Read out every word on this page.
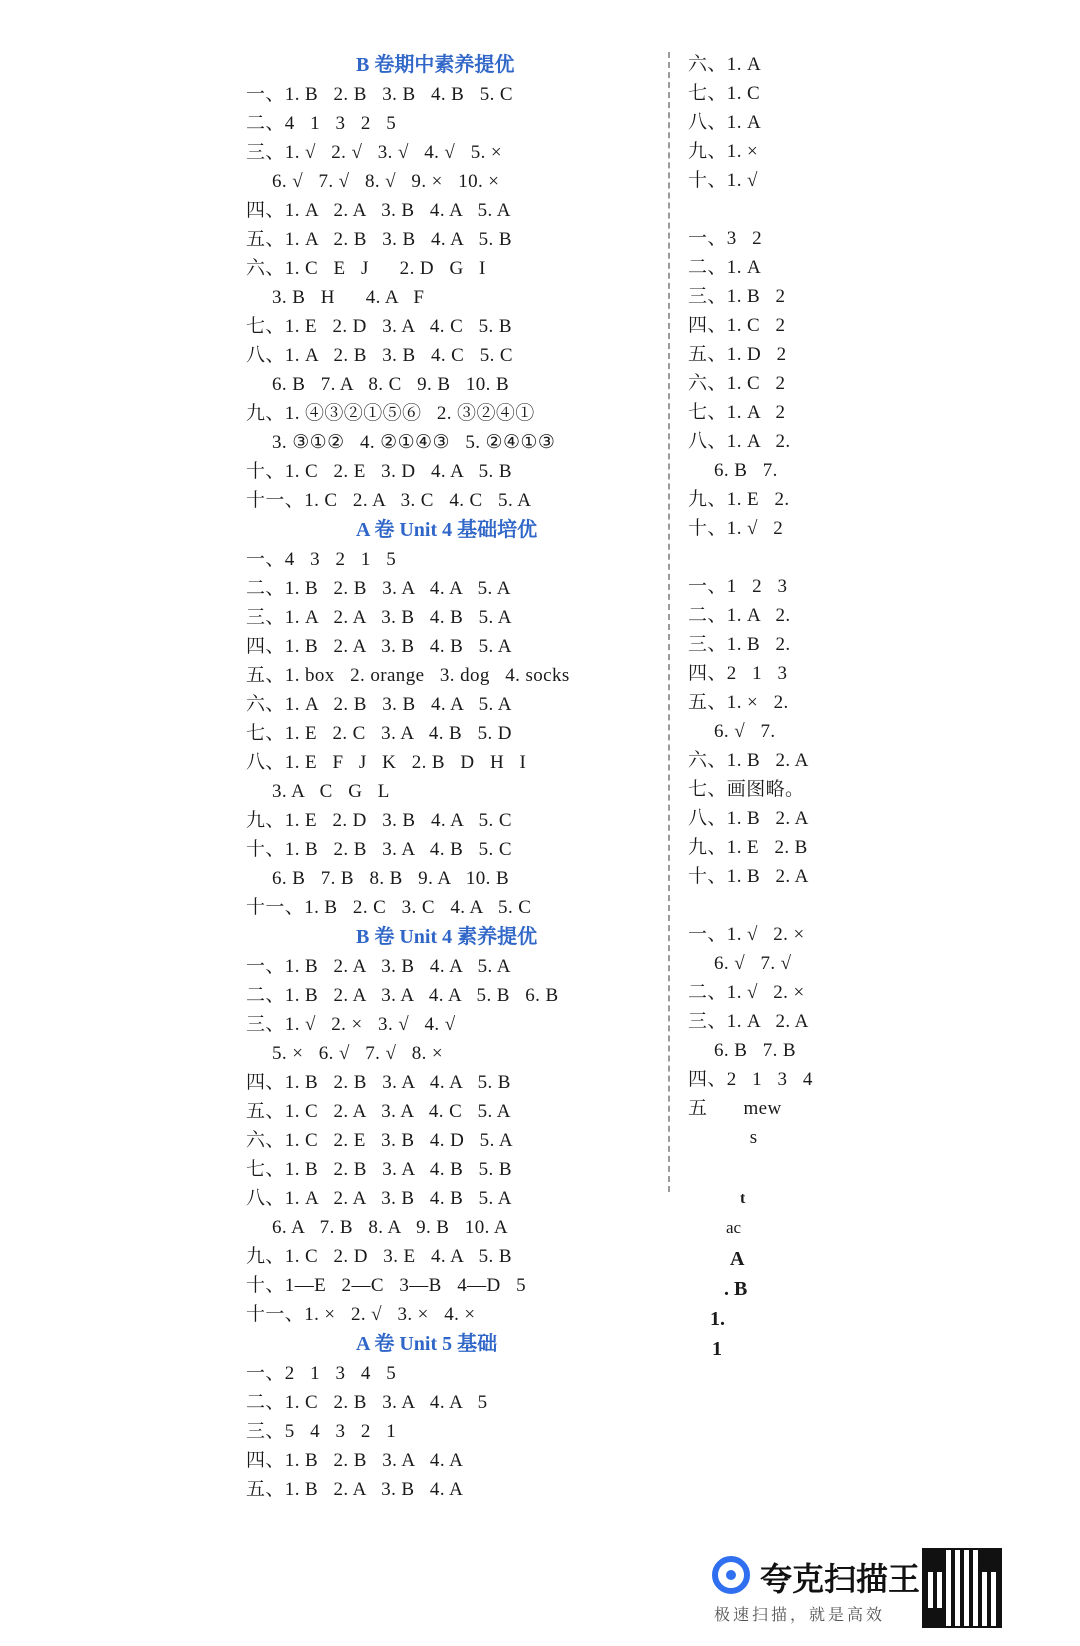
B 卷期中素养提优
一、1. B   2. B   3. B   4. B   5. C
二、4   1   3   2   5
三、1. √   2. √   3. √   4. √   5. ×
6. √   7. √   8. √   9. ×   10. ×
四、1. A   2. A   3. B   4. A   5. A
五、1. A   2. B   3. B   4. A   5. B
六、1. C   E   J      2. D   G   I
3. B   H      4. A   F
七、1. E   2. D   3. A   4. C   5. B
八、1. A   2. B   3. B   4. C   5. C
6. B   7. A   8. C   9. B   10. B
九、1. ④③②①⑤⑥   2. ③②④①
3. ③①②   4. ②①④③   5. ②④①③
十、1. C   2. E   3. D   4. A   5. B
十一、1. C   2. A   3. C   4. C   5. A
A 卷 Unit 4 基础培优
一、4   3   2   1   5
二、1. B   2. B   3. A   4. A   5. A
三、1. A   2. A   3. B   4. B   5. A
四、1. B   2. A   3. B   4. B   5. A
五、1. box   2. orange   3. dog   4. socks
六、1. A   2. B   3. B   4. A   5. A
七、1. E   2. C   3. A   4. B   5. D
八、1. E   F   J   K   2. B   D   H   I
3. A   C   G   L
九、1. E   2. D   3. B   4. A   5. C
十、1. B   2. B   3. A   4. B   5. C
6. B   7. B   8. B   9. A   10. B
十一、1. B   2. C   3. C   4. A   5. C
B 卷 Unit 4 素养提优
一、1. B   2. A   3. B   4. A   5. A
二、1. B   2. A   3. A   4. A   5. B   6. B
三、1. √   2. ×   3. √   4. √
5. ×   6. √   7. √   8. ×
四、1. B   2. B   3. A   4. A   5. B
五、1. C   2. A   3. A   4. C   5. A
六、1. C   2. E   3. B   4. D   5. A
七、1. B   2. B   3. A   4. B   5. B
八、1. A   2. A   3. B   4. B   5. A
6. A   7. B   8. A   9. B   10. A
九、1. C   2. D   3. E   4. A   5. B
十、1—E   2—C   3—B   4—D   5
十一、1. ×   2. √   3. ×   4. ×
A 卷 Unit 5 基础
一、2   1   3   4   5
二、1. C   2. B   3. A   4. A   5
三、5   4   3   2   1
四、1. B   2. B   3. A   4. A
五、1. B   2. A   3. B   4. A
六、1. A
七、1. C
八、1. A
九、1. ×
十、1. √
一、3   2
二、1. A
三、1. B   2
四、1. C   2
五、1. D   2
六、1. C   2
七、1. A   2
八、1. A   2.
6. B   7.
九、1. E   2.
十、1. √   2
一、1   2   3
二、1. A   2.
三、1. B   2.
四、2   1   3
五、1. ×   2.
6. √   7.
六、1. B   2. A
七、画图略。
八、1. B   2. A
九、1. E   2. B
十、1. B   2. A
一、1. √   2. ×
6. √   7. √
二、1. √   2. ×
三、1. A   2. A
6. B   7. B
四、2   1   3   4
五       mew
s
t
ac
A
. B
1.
1
夸克扫描王
极速扫描，就是高效
